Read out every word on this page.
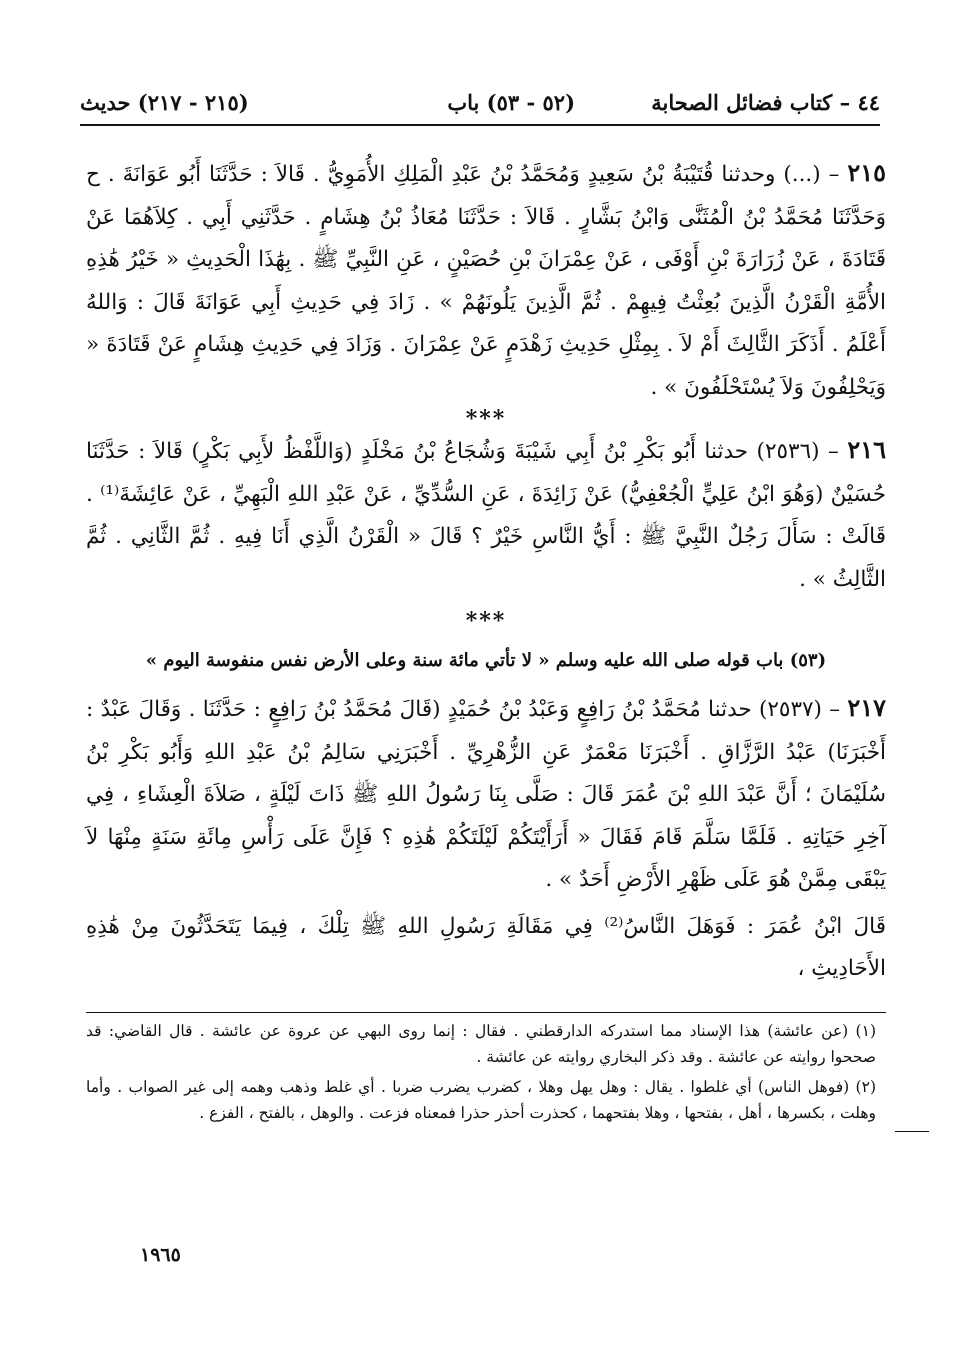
٤٤ – كتاب فضائل الصحابة
(٥٢ - ٥٣) باب
(٢١٥ - ٢١٧) حديث

٢١٥ – (...) وحدثنا قُتَيْبَةُ بْنُ سَعِيدٍ وَمُحَمَّدُ بْنُ عَبْدِ الْمَلِكِ الأُمَوِيُّ . قَالاَ : حَدَّثَنَا أَبُو عَوَانَةَ . ح وَحَدَّثَنَا مُحَمَّدُ بْنُ الْمُثَنَّى وَابْنُ بَشَّارٍ . قَالاَ : حَدَّثَنَا مُعَاذُ بْنُ هِشَامٍ . حَدَّثَنِي أَبِي . كِلاَهُمَا عَنْ قَتَادَةَ ، عَنْ زُرَارَةَ بْنِ أَوْفَى ، عَنْ عِمْرَانَ بْنِ حُصَيْنٍ ، عَنِ النَّبِيِّ ﷺ . بِهَٰذَا الْحَدِيثِ « خَيْرُ هَٰذِهِ الأُمَّةِ الْقَرْنُ الَّذِينَ بُعِثْتُ فِيهِمْ . ثُمَّ الَّذِينَ يَلُونَهُمْ » . زَادَ فِي حَدِيثِ أَبِي عَوَانَةَ قَالَ : وَاللهُ أَعْلَمُ . أَذَكَرَ الثَّالِثَ أَمْ لاَ . بِمِثْلِ حَدِيثِ زَهْدَمٍ عَنْ عِمْرَانَ . وَزَادَ فِي حَدِيثِ هِشَامٍ عَنْ قَتَادَةَ « وَيَحْلِفُونَ وَلاَ يُسْتَحْلَفُونَ » .

***

٢١٦ – (٢٥٣٦) حدثنا أَبُو بَكْرِ بْنُ أَبِي شَيْبَةَ وَشُجَاعُ بْنُ مَخْلَدٍ (وَاللَّفْظُ لأَبِي بَكْرٍ) قَالاَ : حَدَّثَنَا حُسَيْنٌ (وَهُوَ ابْنُ عَلِيٍّ الْجُعْفِيُّ) عَنْ زَائِدَةَ ، عَنِ السُّدِّيِّ ، عَنْ عَبْدِ اللهِ الْبَهِيِّ ، عَنْ عَائِشَةَ⁽¹⁾ . قَالَتْ : سَأَلَ رَجُلٌ النَّبِيَّ ﷺ : أَيُّ النَّاسِ خَيْرٌ ؟ قَالَ « الْقَرْنُ الَّذِي أَنَا فِيهِ . ثُمَّ الثَّانِي . ثُمَّ الثَّالِثُ » .

***
(٥٣) باب قوله صلى الله عليه وسلم « لا تأتي مائة سنة وعلى الأرض نفس منفوسة اليوم »

٢١٧ – (٢٥٣٧) حدثنا مُحَمَّدُ بْنُ رَافِعٍ وَعَبْدُ بْنُ حُمَيْدٍ (قَالَ مُحَمَّدُ بْنُ رَافِعٍ : حَدَّثَنَا . وَقَالَ عَبْدٌ : أَخْبَرَنَا) عَبْدُ الرَّزَّاقِ . أَخْبَرَنَا مَعْمَرٌ عَنِ الزُّهْرِيِّ . أَخْبَرَنِي سَالِمُ بْنُ عَبْدِ اللهِ وَأَبُو بَكْرِ بْنُ سُلَيْمَانَ ؛ أَنَّ عَبْدَ اللهِ بْنَ عُمَرَ قَالَ : صَلَّى بِنَا رَسُولُ اللهِ ﷺ ذَاتَ لَيْلَةٍ ، صَلاَةَ الْعِشَاءِ ، فِي آخِرِ حَيَاتِهِ . فَلَمَّا سَلَّمَ قَامَ فَقَالَ « أَرَأَيْتَكُمْ لَيْلَتَكُمْ هَٰذِهِ ؟ فَإِنَّ عَلَى رَأْسِ مِائَةِ سَنَةٍ مِنْهَا لاَ يَبْقَى مِمَّنْ هُوَ عَلَى ظَهْرِ الأَرْضِ أَحَدٌ » .

قَالَ ابْنُ عُمَرَ : فَوَهَلَ النَّاسُ⁽²⁾ فِي مَقَالَةِ رَسُولِ اللهِ ﷺ تِلْكَ ، فِيمَا يَتَحَدَّثُونَ مِنْ هَٰذِهِ الأَحَادِيثِ ،

(١) (عن عائشة) هذا الإسناد مما استدركه الدارقطني . فقال : إنما روى البهي عن عروة عن عائشة . قال القاضي: قد صححوا روايته عن عائشة . وقد ذكر البخاري روايته عن عائشة .

(٢) (فوهل الناس) أي غلطوا . يقال : وهل يهل وهلا ، كضرب يضرب ضربا . أي غلط وذهب وهمه إلى غير الصواب . وأما وهلت ، بكسرها ، أهل ، بفتحها ، وهلا بفتحهما ، كحذرت أحذر حذرا فمعناه فزعت . والوهل ، بالفتح ، الفزع .

١٩٦٥
